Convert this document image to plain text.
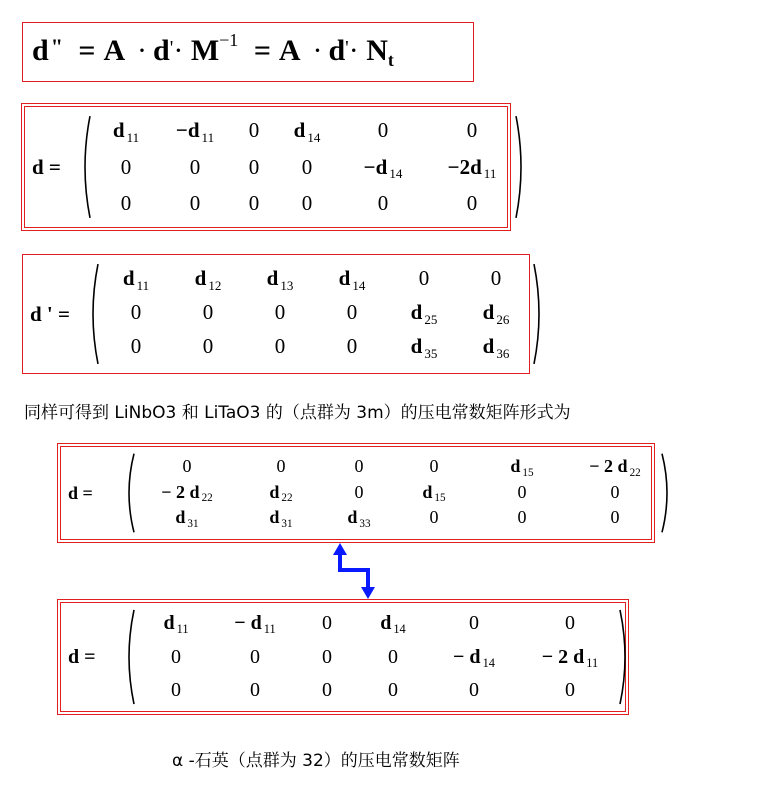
$d^" = A \cdot d'\cdot M^{-1} = A \cdot d'\cdot N_t$
d =
d $_{11}$	−d $_{11}$	0	d $_{14}$	0	0
0	0	0	0	−d $_{14}$	−2d $_{11}$
0	0	0	0	0	0
d ' =
d $_{11}$	d $_{12}$	d $_{13}$	d $_{14}$	0	0
0	0	0	0	d $_{25}$	d $_{26}$
0	0	0	0	d $_{35}$	d $_{36}$
同样可得到 LiNbO3 和 LiTaO3 的（点群为 3m）的压电常数矩阵形式为
d =
0	0	0	0	d $_{15}$	− 2 d $_{22}$
− 2 d $_{22}$	d $_{22}$	0	d $_{15}$	0	0
d $_{31}$	d $_{31}$	d $_{33}$	0	0	0
d =
d $_{11}$	− d $_{11}$	0	d $_{14}$	0	0
0	0	0	0	− d $_{14}$	− 2 d $_{11}$
0	0	0	0	0	0
α -石英（点群为 32）的压电常数矩阵
